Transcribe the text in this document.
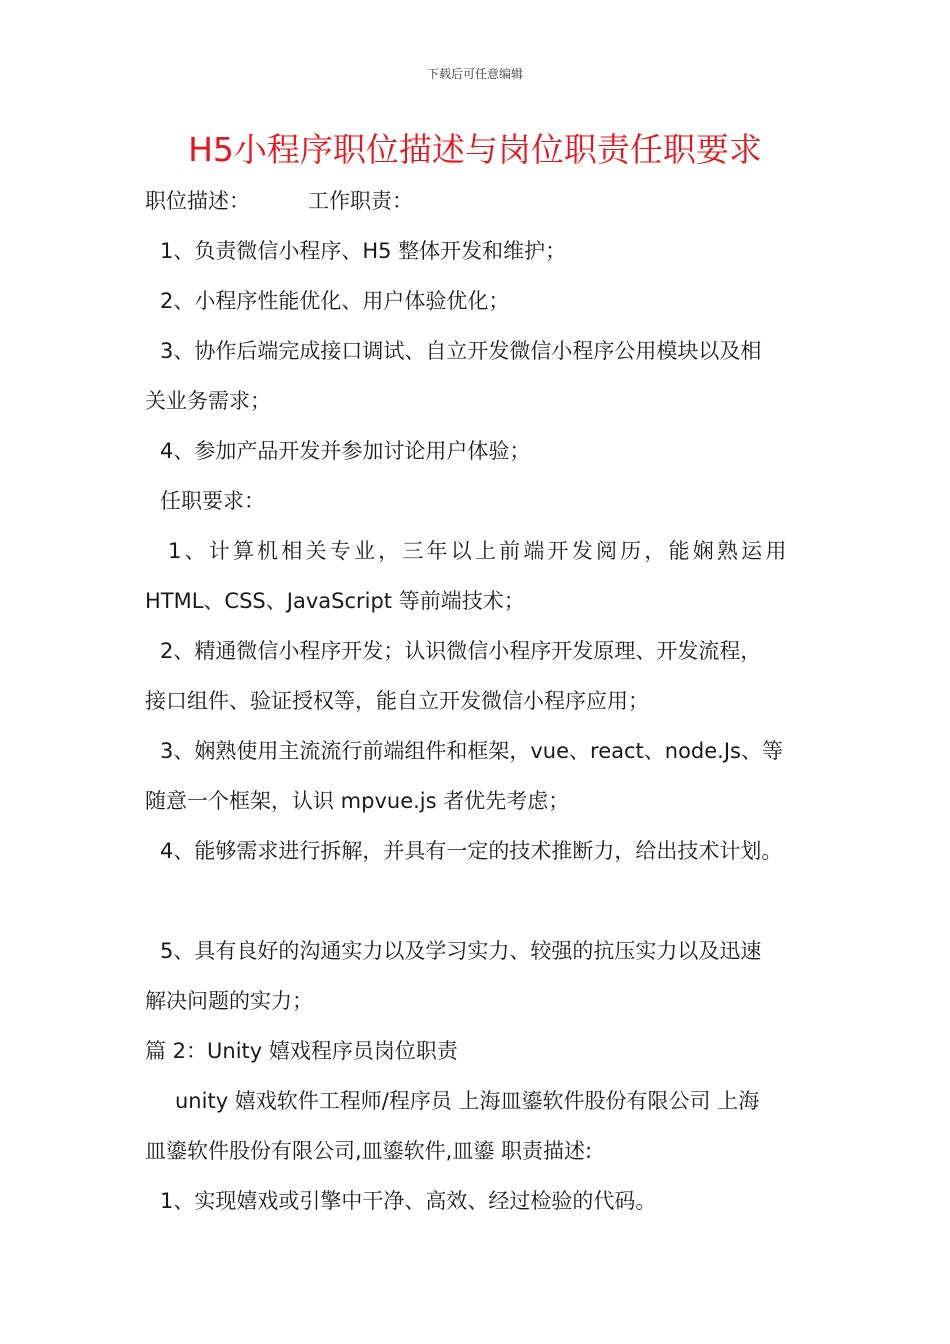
下载后可任意编辑
H5小程序职位描述与岗位职责任职要求
职位描述：	工作职责：
1、负责微信小程序、H5 整体开发和维护；
2、小程序性能优化、用户体验优化；
3、协作后端完成接口调试、自立开发微信小程序公用模块以及相
关业务需求；
4、参加产品开发并参加讨论用户体验；
任职要求：
1、计算机相关专业，三年以上前端开发阅历，能娴熟运用
HTML、CSS、JavaScript 等前端技术；
2、精通微信小程序开发；认识微信小程序开发原理、开发流程，
接口组件、验证授权等，能自立开发微信小程序应用；
3、娴熟使用主流流行前端组件和框架，vue、react、node.Js、等
随意一个框架，认识 mpvue.js 者优先考虑；
4、能够需求进行拆解，并具有一定的技术推断力，给出技术计划。
5、具有良好的沟通实力以及学习实力、较强的抗压实力以及迅速
解决问题的实力；
篇 2：Unity 嬉戏程序员岗位职责
unity 嬉戏软件工程师/程序员 上海皿鎏软件股份有限公司 上海
皿鎏软件股份有限公司,皿鎏软件,皿鎏 职责描述:
1、实现嬉戏或引擎中干净、高效、经过检验的代码。
